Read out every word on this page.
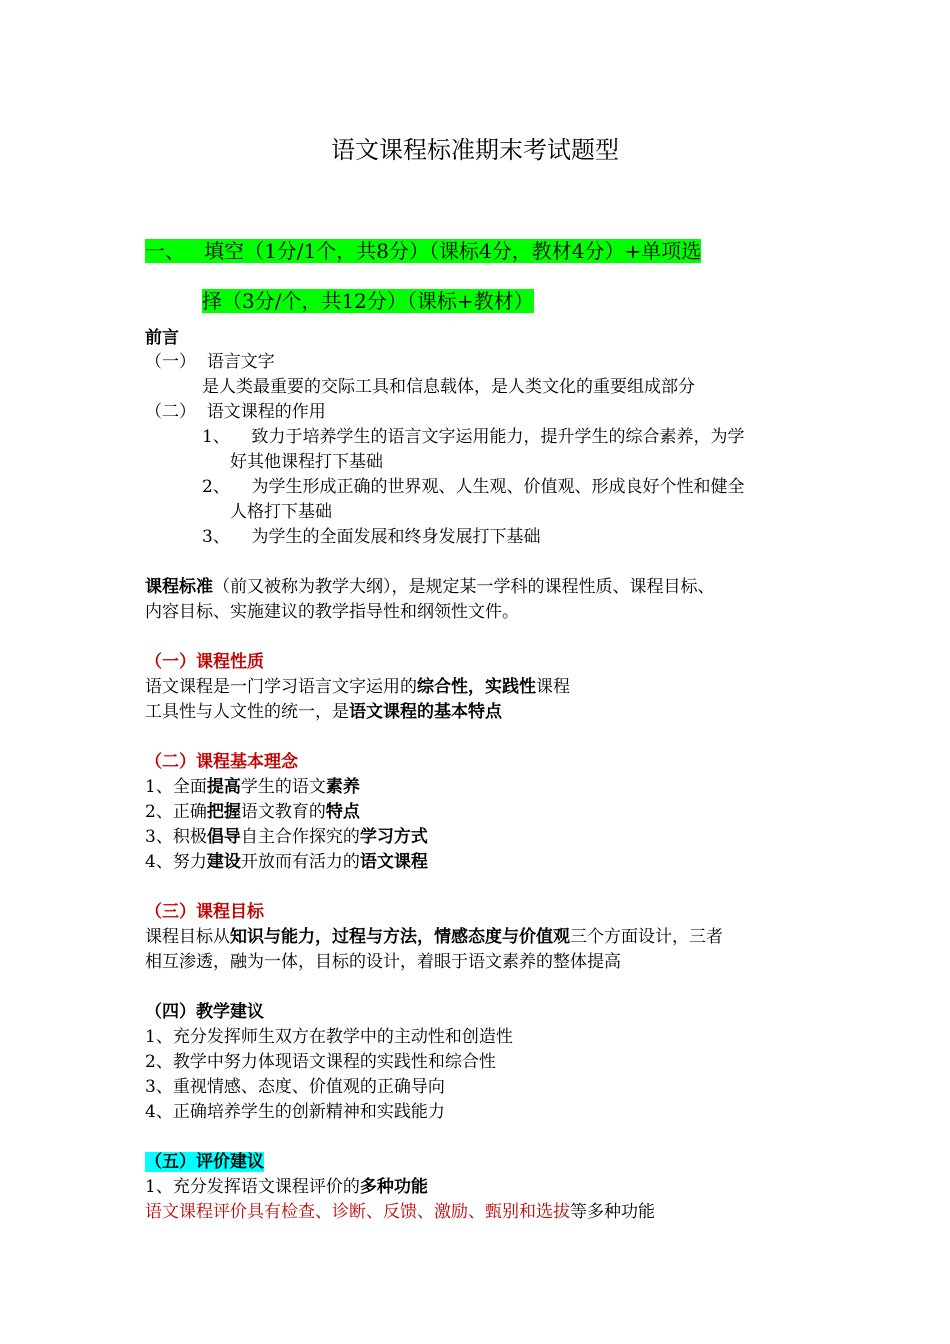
语文课程标准期末考试题型
一、 填空（1分/1个，共8分）（课标4分，教材4分）+单项选
择（3分/个，共12分）（课标+教材）
前言
（一） 语言文字
是人类最重要的交际工具和信息载体，是人类文化的重要组成部分
（二） 语文课程的作用
1、 致力于培养学生的语言文字运用能力，提升学生的综合素养，为学
好其他课程打下基础
2、 为学生形成正确的世界观、人生观、价值观、形成良好个性和健全
人格打下基础
3、 为学生的全面发展和终身发展打下基础
课程标准（前又被称为教学大纲），是规定某一学科的课程性质、课程目标、
内容目标、实施建议的教学指导性和纲领性文件。
（一）课程性质
语文课程是一门学习语言文字运用的综合性，实践性课程
工具性与人文性的统一，是语文课程的基本特点
（二）课程基本理念
1、全面提高学生的语文素养
2、正确把握语文教育的特点
3、积极倡导自主合作探究的学习方式
4、努力建设开放而有活力的语文课程
（三）课程目标
课程目标从知识与能力，过程与方法，情感态度与价值观三个方面设计，三者
相互渗透，融为一体，目标的设计，着眼于语文素养的整体提高
（四）教学建议
1、充分发挥师生双方在教学中的主动性和创造性
2、教学中努力体现语文课程的实践性和综合性
3、重视情感、态度、价值观的正确导向
4、正确培养学生的创新精神和实践能力
（五）评价建议
1、充分发挥语文课程评价的多种功能
语文课程评价具有检查、诊断、反馈、激励、甄别和选拔等多种功能
